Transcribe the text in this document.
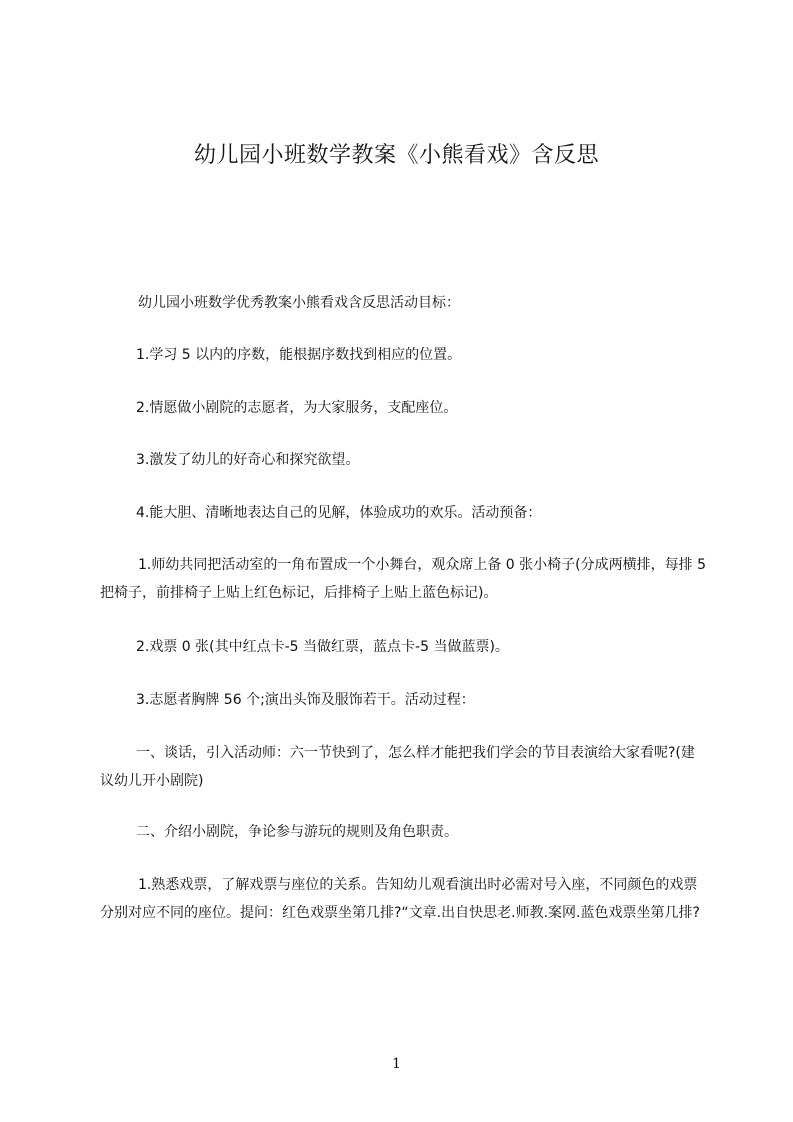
幼儿园小班数学教案《小熊看戏》含反思

幼儿园小班数学优秀教案小熊看戏含反思活动目标：

1.学习 5 以内的序数，能根据序数找到相应的位置。

2.情愿做小剧院的志愿者，为大家服务，支配座位。

3.激发了幼儿的好奇心和探究欲望。

4.能大胆、清晰地表达自己的见解，体验成功的欢乐。活动预备：

1.师幼共同把活动室的一角布置成一个小舞台，观众席上备 0 张小椅子(分成两横排，每排 5 把椅子，前排椅子上贴上红色标记，后排椅子上贴上蓝色标记)。

2.戏票 0 张(其中红点卡-5 当做红票，蓝点卡-5 当做蓝票)。

3.志愿者胸牌 56 个;演出头饰及服饰若干。活动过程：

一、谈话，引入活动师：六一节快到了，怎么样才能把我们学会的节目表演给大家看呢?(建议幼儿开小剧院)

二、介绍小剧院，争论参与游玩的规则及角色职责。

1.熟悉戏票，了解戏票与座位的关系。告知幼儿观看演出时必需对号入座，不同颜色的戏票分别对应不同的座位。提问：红色戏票坐第几排?“文章.出自快思老.师教.案网.蓝色戏票坐第几排?

1
